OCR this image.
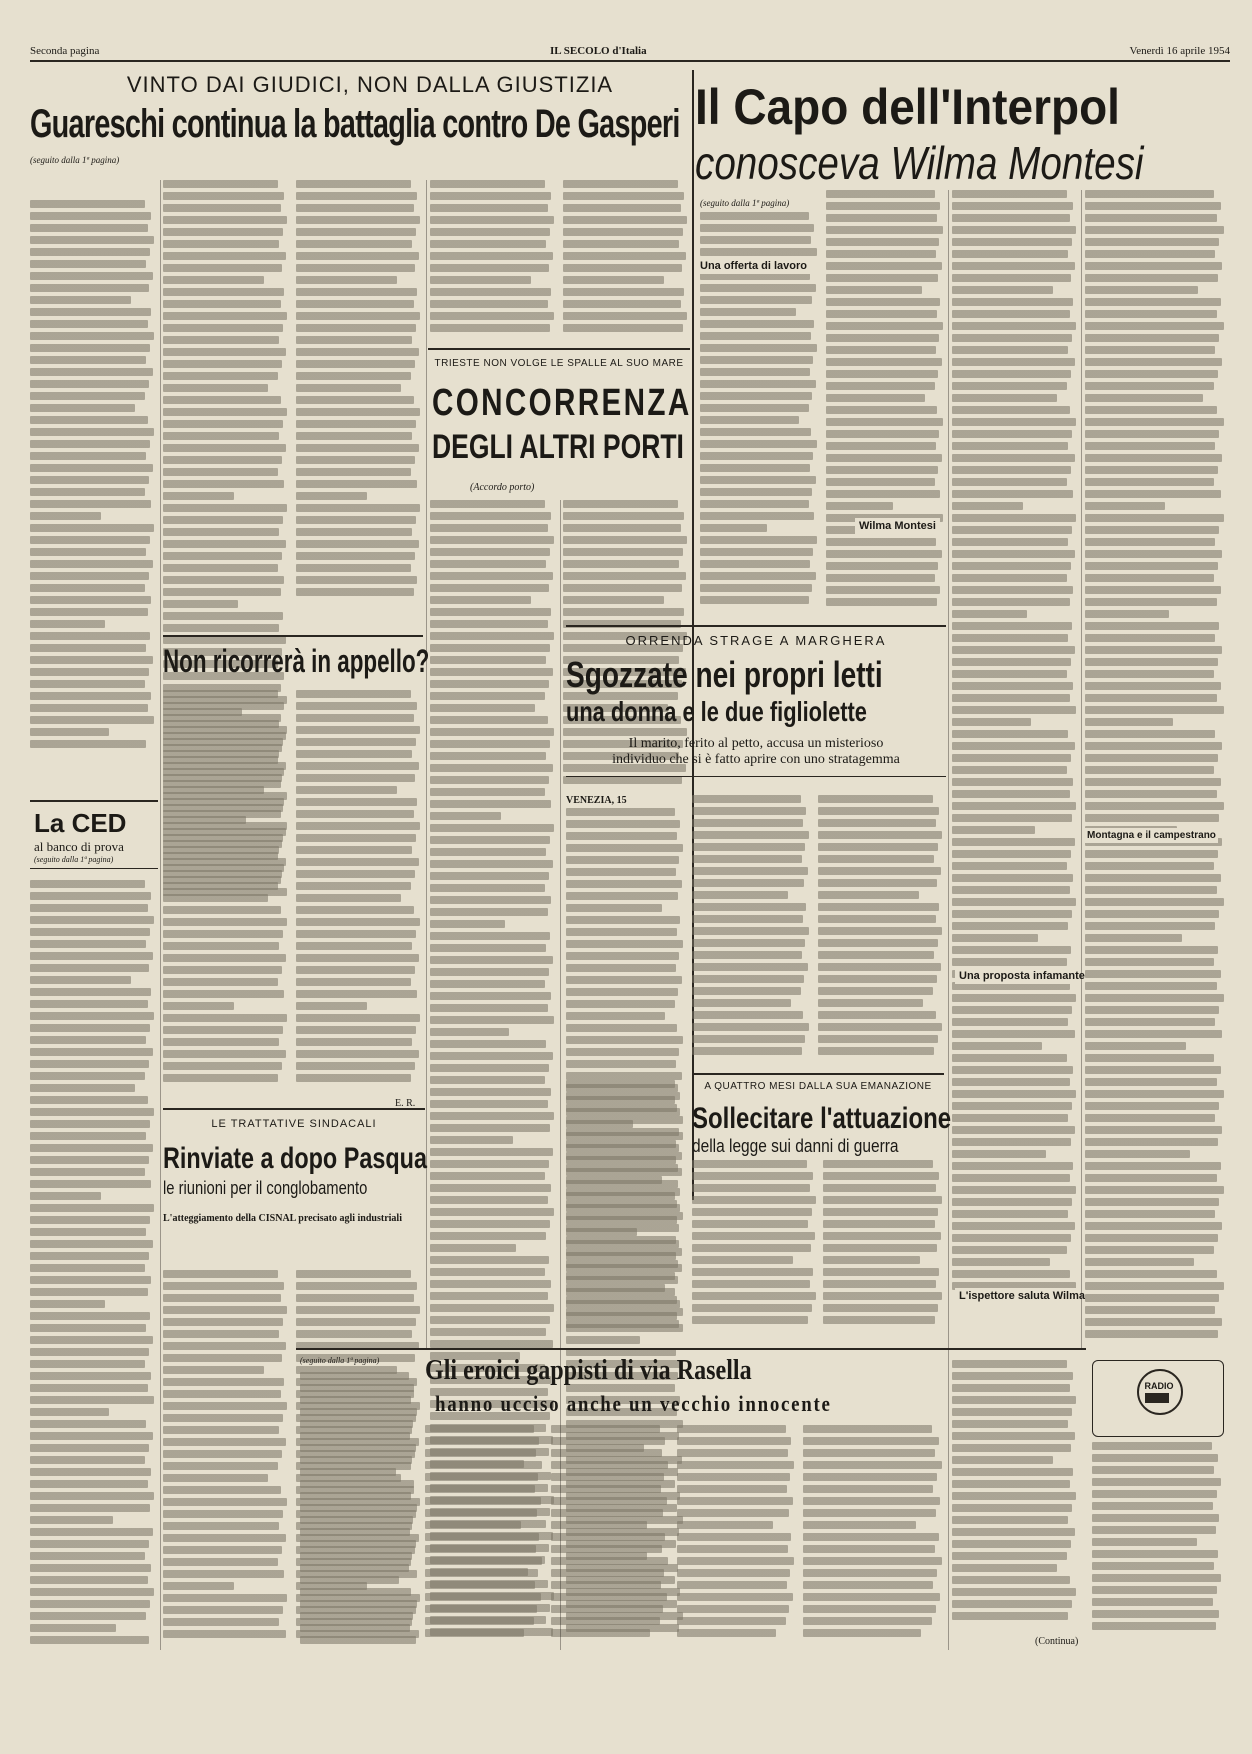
Seconda pagina	IL SECOLO d'Italia	Venerdì 16 aprile 1954
VINTO DAI GIUDICI, NON DALLA GIUSTIZIA
Guareschi continua la battaglia contro De Gasperi
(seguito dalla 1ª pagina)
Il Capo dell'Interpol
conosceva Wilma Montesi
TRIESTE NON VOLGE LE SPALLE AL SUO MARE
CONCORRENZA
DEGLI ALTRI PORTI
(Accordo porto)
Non ricorrerà in appello?
E. R.
La CED
al banco di prova
(seguito dalla 1ª pagina)
LE TRATTATIVE SINDACALI
Rinviate a dopo Pasqua
le riunioni per il conglobamento
L'atteggiamento della CISNAL precisato agli industriali
(seguito dalla 1ª pagina)
Una offerta di lavoro
Wilma Montesi
Una proposta infamante
L'ispettore saluta Wilma
Montagna e il campestrano
ORRENDA STRAGE A MARGHERA
Sgozzate nei propri letti
una donna e le due figliolette
Il marito, ferito al petto, accusa un misterioso
individuo che si è fatto aprire con uno stratagemma
VENEZIA, 15
A QUATTRO MESI DALLA SUA EMANAZIONE
Sollecitare l'attuazione
della legge sui danni di guerra
(seguito dalla 1ª pagina) Gli eroici gappisti di via Rasella
hanno ucciso anche un vecchio innocente
(Continua)
RADIO
